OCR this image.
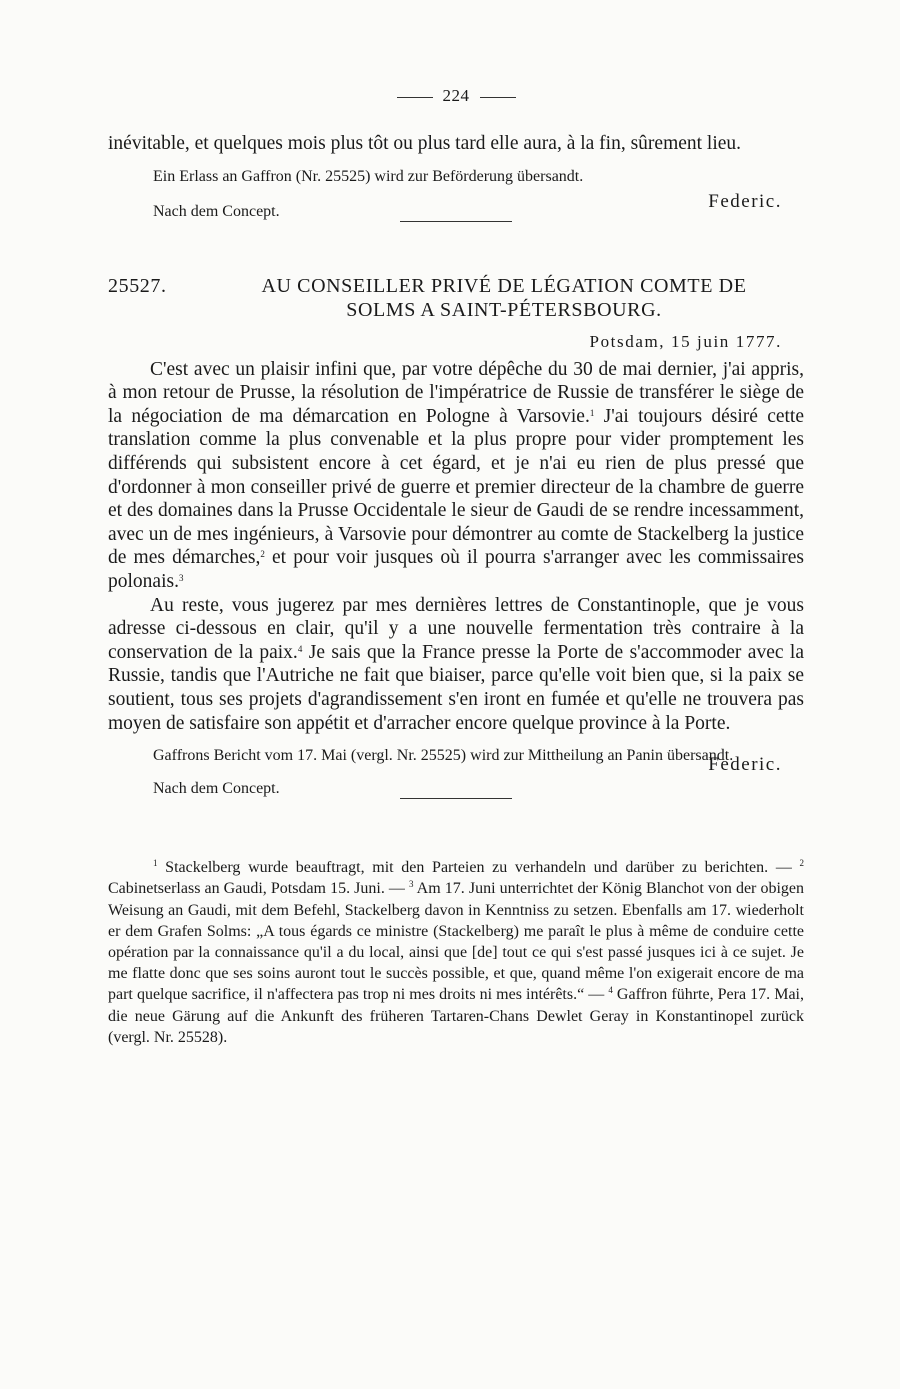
224

inévitable, et quelques mois plus tôt ou plus tard elle aura, à la fin, sûrement lieu.

Ein Erlass an Gaffron (Nr. 25525) wird zur Beförderung übersandt.

Nach dem Concept.	Federic.
25527.	AU CONSEILLER PRIVÉ DE LÉGATION COMTE DE
SOLMS A SAINT-PÉTERSBOURG.
Potsdam, 15 juin 1777.

C'est avec un plaisir infini que, par votre dépêche du 30 de mai dernier, j'ai appris, à mon retour de Prusse, la résolution de l'impératrice de Russie de transférer le siège de la négociation de ma démarcation en Pologne à Varsovie.$^1$ J'ai toujours désiré cette translation comme la plus convenable et la plus propre pour vider promptement les différends qui subsistent encore à cet égard, et je n'ai eu rien de plus pressé que d'ordonner à mon conseiller privé de guerre et premier directeur de la chambre de guerre et des domaines dans la Prusse Occidentale le sieur de Gaudi de se rendre incessamment, avec un de mes ingénieurs, à Varsovie pour démontrer au comte de Stackelberg la justice de mes démarches,$^2$ et pour voir jusques où il pourra s'arranger avec les commissaires polonais.$^3$

Au reste, vous jugerez par mes dernières lettres de Constantinople, que je vous adresse ci-dessous en clair, qu'il y a une nouvelle fermentation très contraire à la conservation de la paix.$^4$ Je sais que la France presse la Porte de s'accommoder avec la Russie, tandis que l'Autriche ne fait que biaiser, parce qu'elle voit bien que, si la paix se soutient, tous ses projets d'agrandissement s'en iront en fumée et qu'elle ne trouvera pas moyen de satisfaire son appétit et d'arracher encore quelque province à la Porte.

Gaffrons Bericht vom 17. Mai (vergl. Nr. 25525) wird zur Mittheilung an Panin übersandt.

Nach dem Concept.
Federic.

$^1$ Stackelberg wurde beauftragt, mit den Parteien zu verhandeln und darüber zu berichten. — $^2$ Cabinetserlass an Gaudi, Potsdam 15. Juni. — $^3$ Am 17. Juni unterrichtet der König Blanchot von der obigen Weisung an Gaudi, mit dem Befehl, Stackelberg davon in Kenntniss zu setzen. Ebenfalls am 17. wiederholt er dem Grafen Solms: „A tous égards ce ministre (Stackelberg) me paraît le plus à même de conduire cette opération par la connaissance qu'il a du local, ainsi que [de] tout ce qui s'est passé jusques ici à ce sujet. Je me flatte donc que ses soins auront tout le succès possible, et que, quand même l'on exigerait encore de ma part quelque sacrifice, il n'affectera pas trop ni mes droits ni mes intérêts.“ — $^4$ Gaffron führte, Pera 17. Mai, die neue Gärung auf die Ankunft des früheren Tartaren-Chans Dewlet Geray in Konstantinopel zurück (vergl. Nr. 25528).
